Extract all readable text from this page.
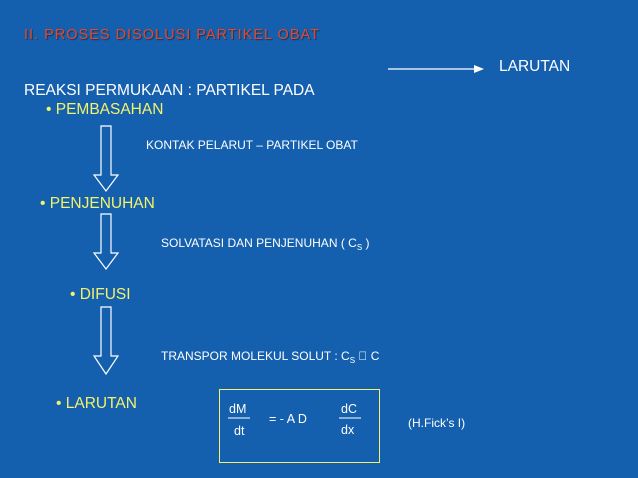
II. PROSES DISOLUSI PARTIKEL OBAT
LARUTAN
REAKSI PERMUKAAN : PARTIKEL PADA
• PEMBASAHAN
KONTAK PELARUT – PARTIKEL OBAT
• PENJENUHAN
SOLVATASI DAN PENJENUHAN ( $C_S$ )
• DIFUSI
TRANSPOR MOLEKUL SOLUT : $C_S$ C
• LARUTAN	dM
dt
= - A D
dC
dx	(H.Fick’s I)
